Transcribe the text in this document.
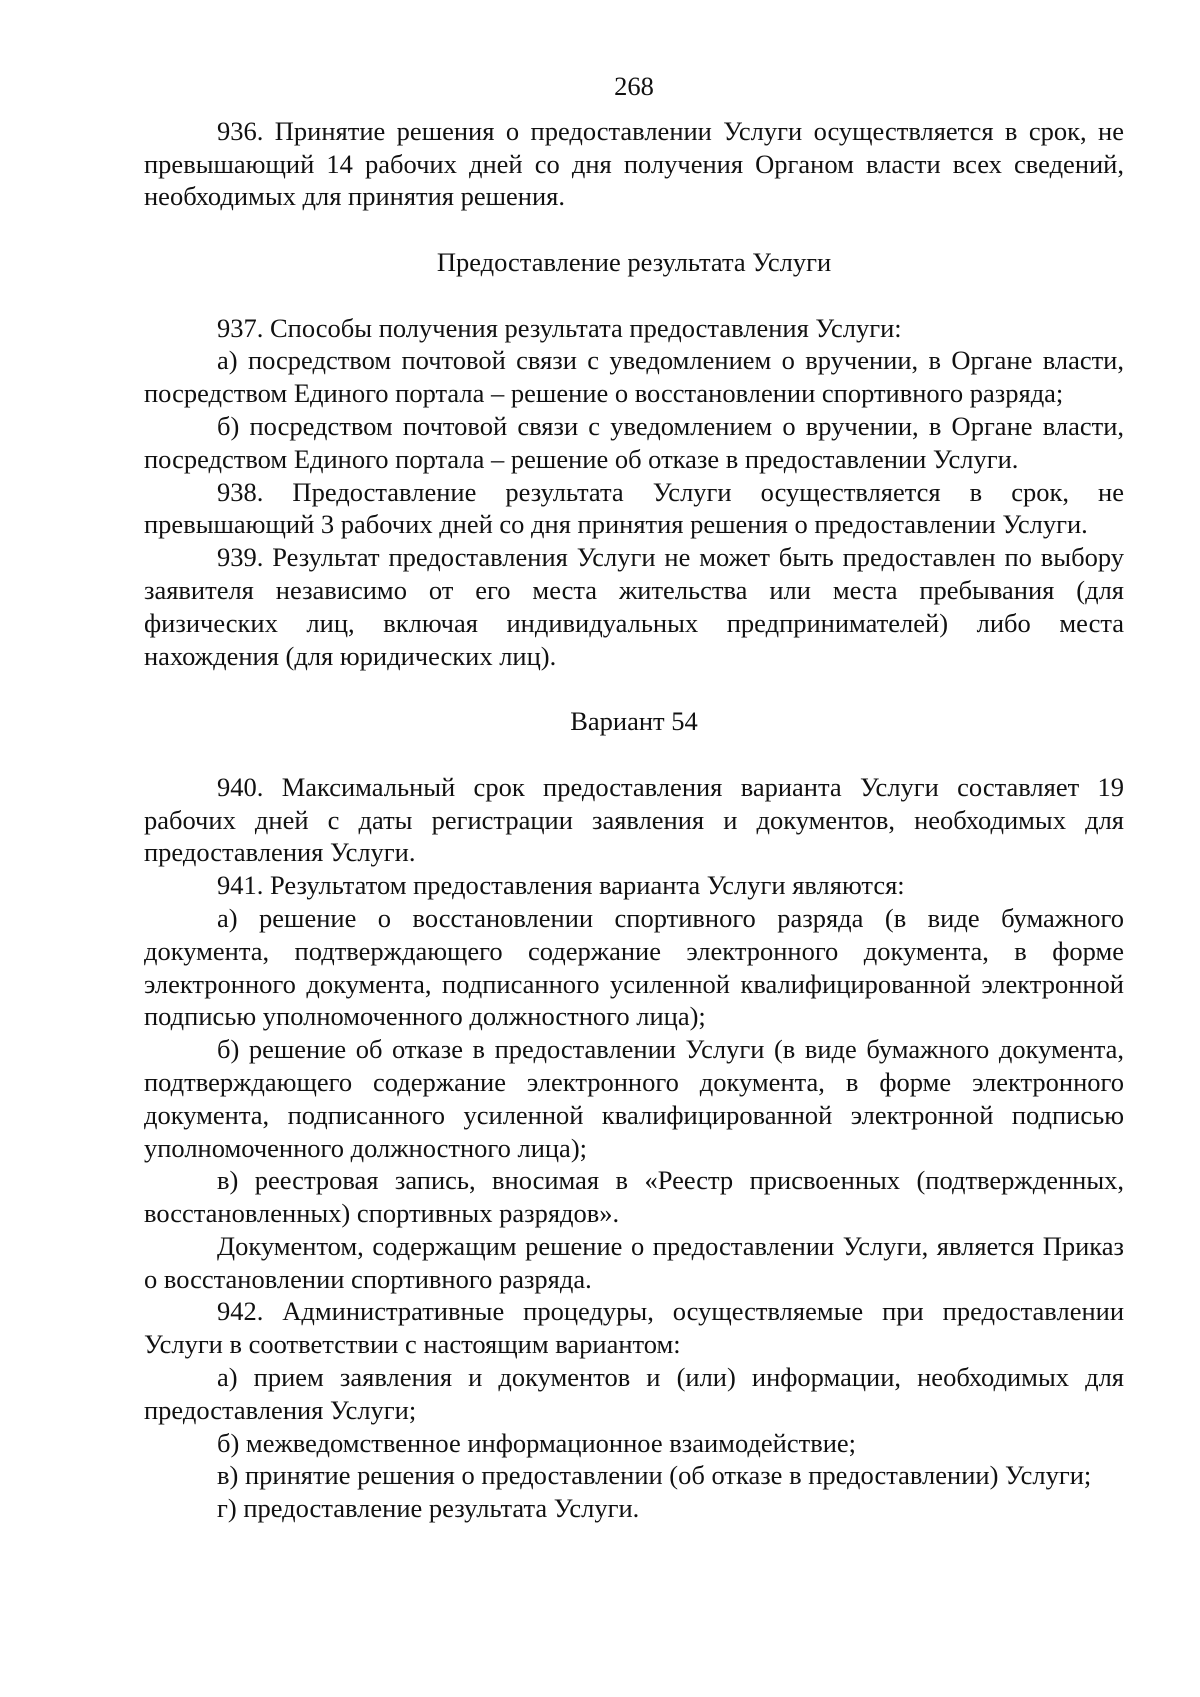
268

936. Принятие решения о предоставлении Услуги осуществляется в срок, не превышающий 14 рабочих дней со дня получения Органом власти всех сведений, необходимых для принятия решения.

Предоставление результата Услуги

937. Способы получения результата предоставления Услуги:

а) посредством почтовой связи с уведомлением о вручении, в Органе власти, посредством Единого портала – решение о восстановлении спортивного разряда;

б) посредством почтовой связи с уведомлением о вручении, в Органе власти, посредством Единого портала – решение об отказе в предоставлении Услуги.

938. Предоставление результата Услуги осуществляется в срок, не превышающий 3 рабочих дней со дня принятия решения о предоставлении Услуги.

939. Результат предоставления Услуги не может быть предоставлен по выбору заявителя независимо от его места жительства или места пребывания (для физических лиц, включая индивидуальных предпринимателей) либо места нахождения (для юридических лиц).

Вариант 54

940. Максимальный срок предоставления варианта Услуги составляет 19 рабочих дней с даты регистрации заявления и документов, необходимых для предоставления Услуги.

941. Результатом предоставления варианта Услуги являются:

а) решение о восстановлении спортивного разряда (в виде бумажного документа, подтверждающего содержание электронного документа, в форме электронного документа, подписанного усиленной квалифицированной электронной подписью уполномоченного должностного лица);

б) решение об отказе в предоставлении Услуги (в виде бумажного документа, подтверждающего содержание электронного документа, в форме электронного документа, подписанного усиленной квалифицированной электронной подписью уполномоченного должностного лица);

в) реестровая запись, вносимая в «Реестр присвоенных (подтвержденных, восстановленных) спортивных разрядов».

Документом, содержащим решение о предоставлении Услуги, является Приказ о восстановлении спортивного разряда.

942. Административные процедуры, осуществляемые при предоставлении Услуги в соответствии с настоящим вариантом:

а) прием заявления и документов и (или) информации, необходимых для предоставления Услуги;

б) межведомственное информационное взаимодействие;

в) принятие решения о предоставлении (об отказе в предоставлении) Услуги;

г) предоставление результата Услуги.
